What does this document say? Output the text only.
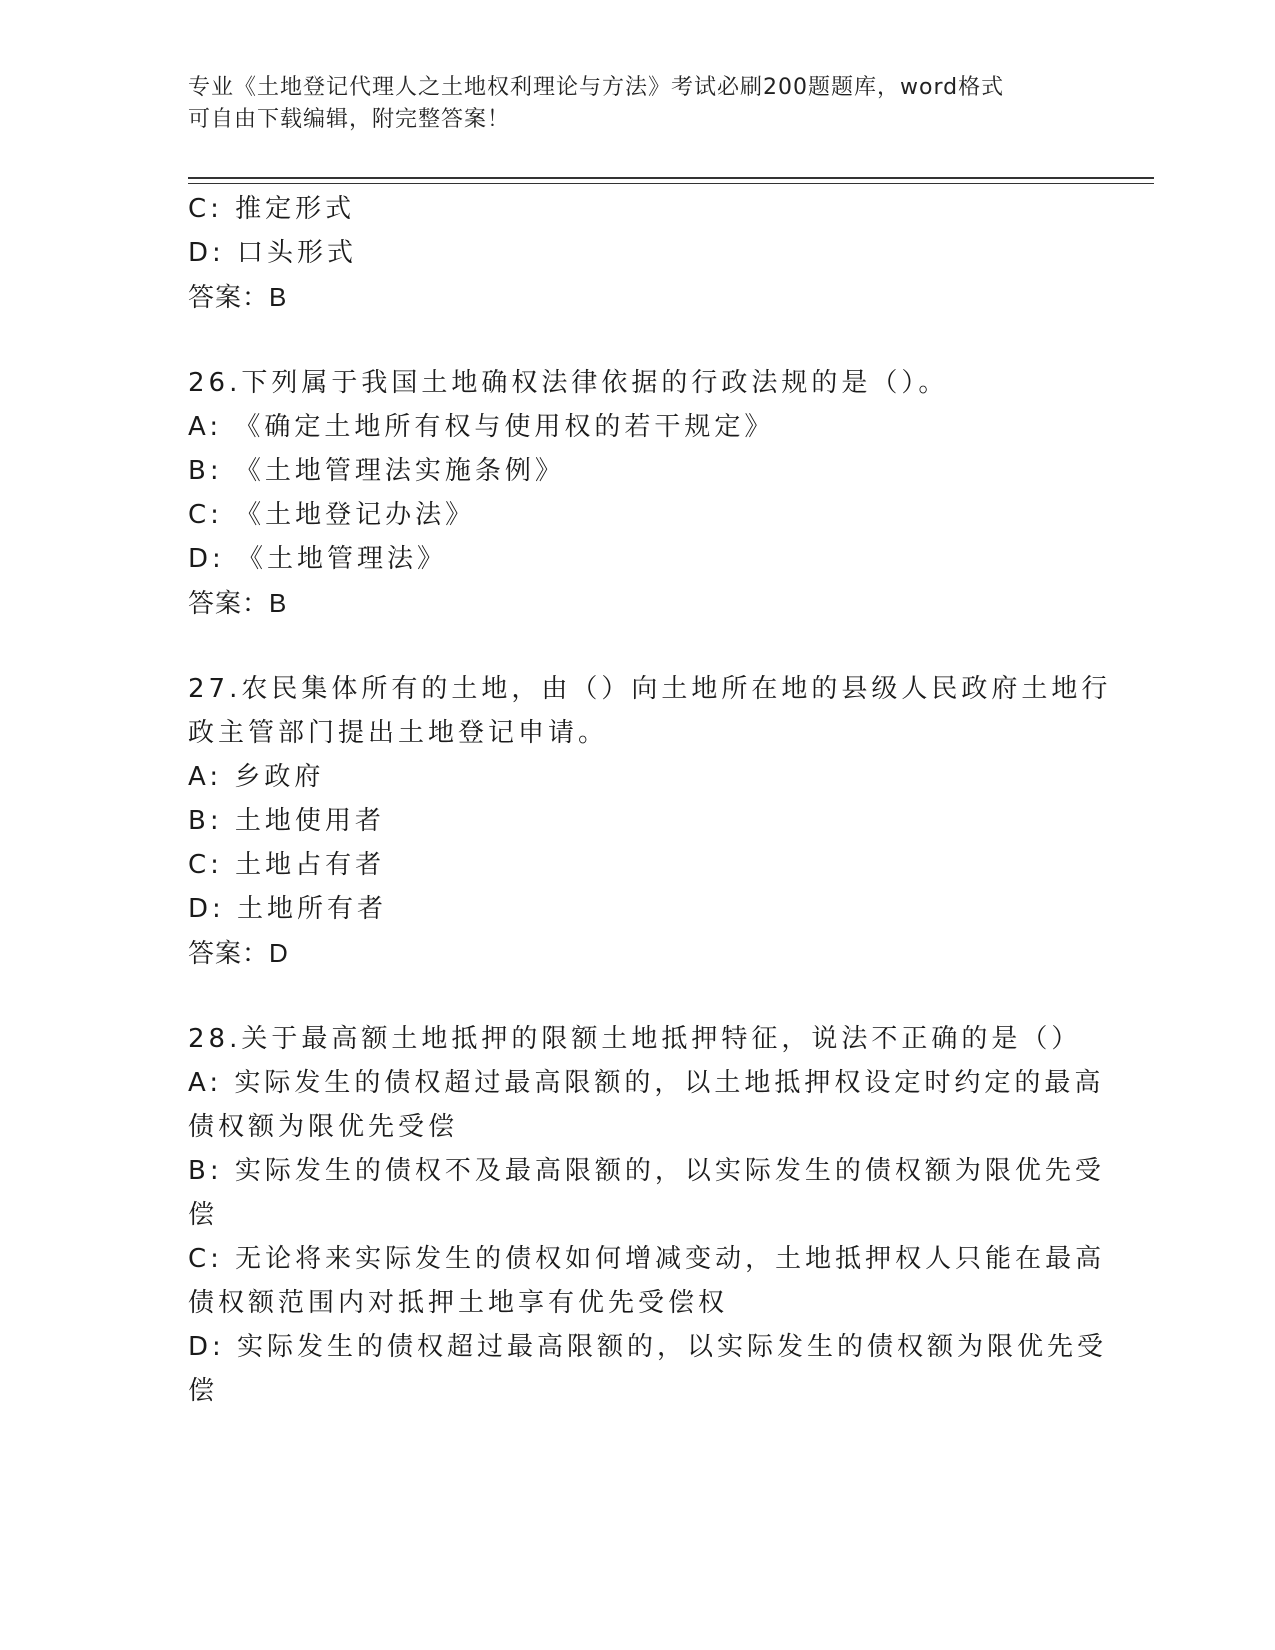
专业《土地登记代理人之土地权利理论与方法》考试必刷200题题库，word格式
可自由下载编辑，附完整答案！
C: 推定形式
D: 口头形式
答案：B
26.下列属于我国土地确权法律依据的行政法规的是（）。
A: 《确定土地所有权与使用权的若干规定》
B: 《土地管理法实施条例》
C: 《土地登记办法》
D: 《土地管理法》
答案：B
27.农民集体所有的土地，由（）向土地所在地的县级人民政府土地行
政主管部门提出土地登记申请。
A: 乡政府
B: 土地使用者
C: 土地占有者
D: 土地所有者
答案：D
28.关于最高额土地抵押的限额土地抵押特征，说法不正确的是（）
A: 实际发生的债权超过最高限额的，以土地抵押权设定时约定的最高
债权额为限优先受偿
B: 实际发生的债权不及最高限额的，以实际发生的债权额为限优先受
偿
C: 无论将来实际发生的债权如何增减变动，土地抵押权人只能在最高
债权额范围内对抵押土地享有优先受偿权
D: 实际发生的债权超过最高限额的，以实际发生的债权额为限优先受
偿
